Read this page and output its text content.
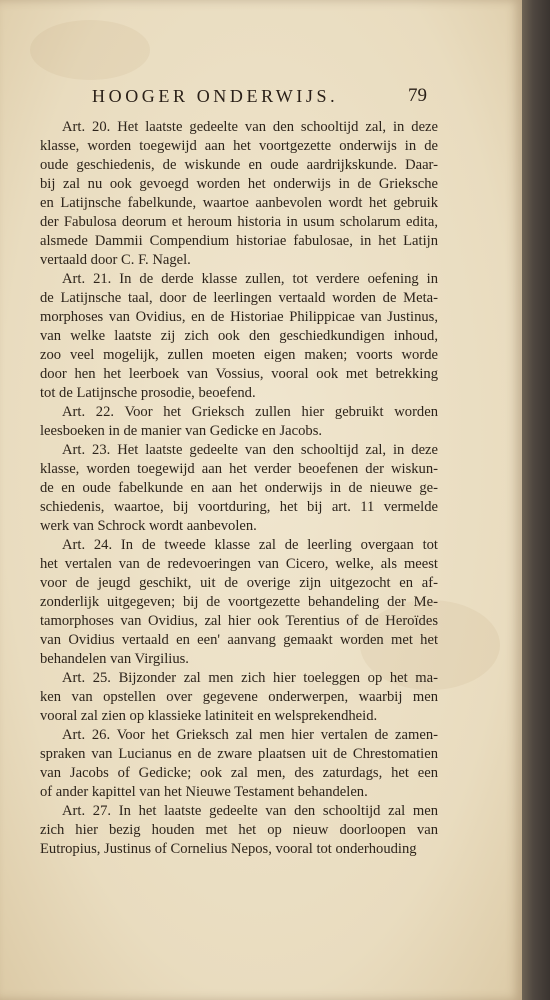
HOOGER ONDERWIJS.	79
Art. 20. Het laatste gedeelte van den schooltijd zal, in deze
klasse, worden toegewijd aan het voortgezette onderwijs in de
oude geschiedenis, de wiskunde en oude aardrijkskunde. Daar-
bij zal nu ook gevoegd worden het onderwijs in de Grieksche
en Latijnsche fabelkunde, waartoe aanbevolen wordt het gebruik
der Fabulosa deorum et heroum historia in usum scholarum edita,
alsmede Dammii Compendium historiae fabulosae, in het Latijn
vertaald door C. F. Nagel.
Art. 21. In de derde klasse zullen, tot verdere oefening in
de Latijnsche taal, door de leerlingen vertaald worden de Meta-
morphoses van Ovidius, en de Historiae Philippicae van Justinus,
van welke laatste zij zich ook den geschiedkundigen inhoud,
zoo veel mogelijk, zullen moeten eigen maken; voorts worde
door hen het leerboek van Vossius, vooral ook met betrekking
tot de Latijnsche prosodie, beoefend.
Art. 22. Voor het Grieksch zullen hier gebruikt worden
leesboeken in de manier van Gedicke en Jacobs.
Art. 23. Het laatste gedeelte van den schooltijd zal, in deze
klasse, worden toegewijd aan het verder beoefenen der wiskun-
de en oude fabelkunde en aan het onderwijs in de nieuwe ge-
schiedenis, waartoe, bij voortduring, het bij art. 11 vermelde
werk van Schrock wordt aanbevolen.
Art. 24. In de tweede klasse zal de leerling overgaan tot
het vertalen van de redevoeringen van Cicero, welke, als meest
voor de jeugd geschikt, uit de overige zijn uitgezocht en af-
zonderlijk uitgegeven; bij de voortgezette behandeling der Me-
tamorphoses van Ovidius, zal hier ook Terentius of de Heroïdes
van Ovidius vertaald en een' aanvang gemaakt worden met het
behandelen van Virgilius.
Art. 25. Bijzonder zal men zich hier toeleggen op het ma-
ken van opstellen over gegevene onderwerpen, waarbij men
vooral zal zien op klassieke latiniteit en welsprekendheid.
Art. 26. Voor het Grieksch zal men hier vertalen de zamen-
spraken van Lucianus en de zware plaatsen uit de Chrestomatien
van Jacobs of Gedicke; ook zal men, des zaturdags, het een
of ander kapittel van het Nieuwe Testament behandelen.
Art. 27. In het laatste gedeelte van den schooltijd zal men
zich hier bezig houden met het op nieuw doorloopen van
Eutropius, Justinus of Cornelius Nepos, vooral tot onderhouding
